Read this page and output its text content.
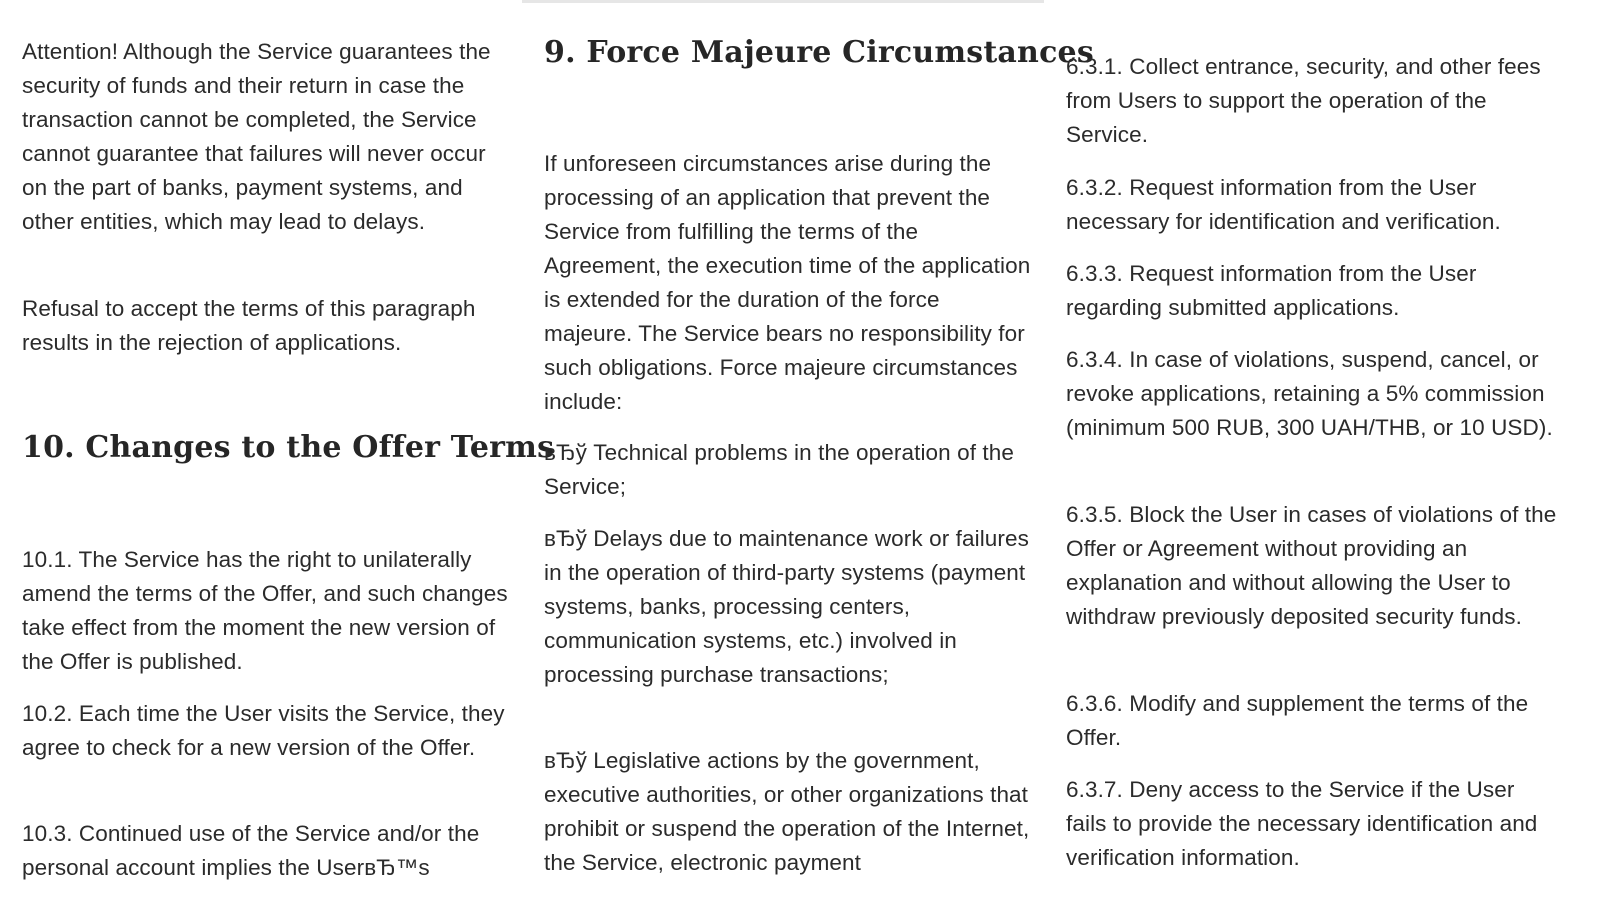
Attention! Although the Service guarantees the security of funds and their return in case the transaction cannot be completed, the Service cannot guarantee that failures will never occur on the part of banks, payment systems, and other entities, which may lead to delays.

Refusal to accept the terms of this paragraph results in the rejection of applications.

10. Changes to the Offer Terms

10.1. The Service has the right to unilaterally amend the terms of the Offer, and such changes take effect from the moment the new version of the Offer is published.

10.2. Each time the User visits the Service, they agree to check for a new version of the Offer.

10.3. Continued use of the Service and/or the personal account implies the UserвЂ™s

9. Force Majeure Circumstances

If unforeseen circumstances arise during the processing of an application that prevent the Service from fulfilling the terms of the Agreement, the execution time of the application is extended for the duration of the force majeure. The Service bears no responsibility for such obligations. Force majeure circumstances include:

вЂў Technical problems in the operation of the Service;

вЂў Delays due to maintenance work or failures in the operation of third-party systems (payment systems, banks, processing centers, communication systems, etc.) involved in processing purchase transactions;

вЂў Legislative actions by the government, executive authorities, or other organizations that prohibit or suspend the operation of the Internet, the Service, electronic payment

6.3.1. Collect entrance, security, and other fees from Users to support the operation of the Service.

6.3.2. Request information from the User necessary for identification and verification.

6.3.3. Request information from the User regarding submitted applications.

6.3.4. In case of violations, suspend, cancel, or revoke applications, retaining a 5% commission (minimum 500 RUB, 300 UAH/THB, or 10 USD).

6.3.5. Block the User in cases of violations of the Offer or Agreement without providing an explanation and without allowing the User to withdraw previously deposited security funds.

6.3.6. Modify and supplement the terms of the Offer.

6.3.7. Deny access to the Service if the User fails to provide the necessary identification and verification information.
